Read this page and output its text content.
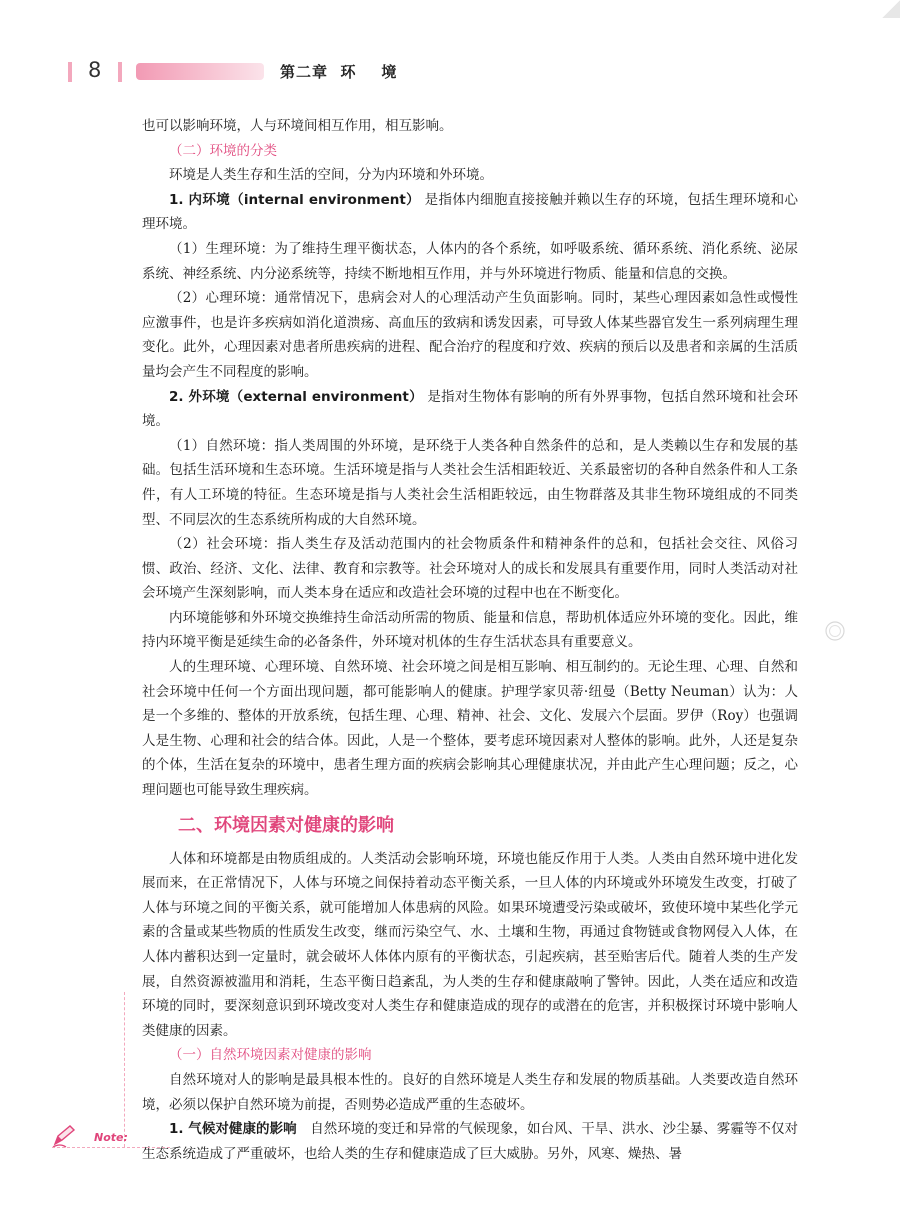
8	第二章  环    境

也可以影响环境，人与环境间相互作用，相互影响。

（二）环境的分类

环境是人类生存和生活的空间，分为内环境和外环境。

1. 内环境（internal environment） 是指体内细胞直接接触并赖以生存的环境，包括生理环境和心理环境。

（1）生理环境：为了维持生理平衡状态，人体内的各个系统，如呼吸系统、循环系统、消化系统、泌尿系统、神经系统、内分泌系统等，持续不断地相互作用，并与外环境进行物质、能量和信息的交换。

（2）心理环境：通常情况下，患病会对人的心理活动产生负面影响。同时，某些心理因素如急性或慢性应激事件，也是许多疾病如消化道溃疡、高血压的致病和诱发因素，可导致人体某些器官发生一系列病理生理变化。此外，心理因素对患者所患疾病的进程、配合治疗的程度和疗效、疾病的预后以及患者和亲属的生活质量均会产生不同程度的影响。

2. 外环境（external environment） 是指对生物体有影响的所有外界事物，包括自然环境和社会环境。

（1）自然环境：指人类周围的外环境，是环绕于人类各种自然条件的总和，是人类赖以生存和发展的基础。包括生活环境和生态环境。生活环境是指与人类社会生活相距较近、关系最密切的各种自然条件和人工条件，有人工环境的特征。生态环境是指与人类社会生活相距较远，由生物群落及其非生物环境组成的不同类型、不同层次的生态系统所构成的大自然环境。

（2）社会环境：指人类生存及活动范围内的社会物质条件和精神条件的总和，包括社会交往、风俗习惯、政治、经济、文化、法律、教育和宗教等。社会环境对人的成长和发展具有重要作用，同时人类活动对社会环境产生深刻影响，而人类本身在适应和改造社会环境的过程中也在不断变化。

内环境能够和外环境交换维持生命活动所需的物质、能量和信息，帮助机体适应外环境的变化。因此，维持内环境平衡是延续生命的必备条件，外环境对机体的生存生活状态具有重要意义。

人的生理环境、心理环境、自然环境、社会环境之间是相互影响、相互制约的。无论生理、心理、自然和社会环境中任何一个方面出现问题，都可能影响人的健康。护理学家贝蒂·纽曼（Betty Neuman）认为：人是一个多维的、整体的开放系统，包括生理、心理、精神、社会、文化、发展六个层面。罗伊（Roy）也强调人是生物、心理和社会的结合体。因此，人是一个整体，要考虑环境因素对人整体的影响。此外，人还是复杂的个体，生活在复杂的环境中，患者生理方面的疾病会影响其心理健康状况，并由此产生心理问题；反之，心理问题也可能导致生理疾病。

二、环境因素对健康的影响

人体和环境都是由物质组成的。人类活动会影响环境，环境也能反作用于人类。人类由自然环境中进化发展而来，在正常情况下，人体与环境之间保持着动态平衡关系，一旦人体的内环境或外环境发生改变，打破了人体与环境之间的平衡关系，就可能增加人体患病的风险。如果环境遭受污染或破坏，致使环境中某些化学元素的含量或某些物质的性质发生改变，继而污染空气、水、土壤和生物，再通过食物链或食物网侵入人体，在人体内蓄积达到一定量时，就会破坏人体体内原有的平衡状态，引起疾病，甚至贻害后代。随着人类的生产发展，自然资源被滥用和消耗，生态平衡日趋紊乱，为人类的生存和健康敲响了警钟。因此，人类在适应和改造环境的同时，要深刻意识到环境改变对人类生存和健康造成的现存的或潜在的危害，并积极探讨环境中影响人类健康的因素。

（一）自然环境因素对健康的影响

自然环境对人的影响是最具根本性的。良好的自然环境是人类生存和发展的物质基础。人类要改造自然环境，必须以保护自然环境为前提，否则势必造成严重的生态破坏。

1. 气候对健康的影响　自然环境的变迁和异常的气候现象，如台风、干旱、洪水、沙尘暴、雾霾等不仅对生态系统造成了严重破坏，也给人类的生存和健康造成了巨大威胁。另外，风寒、燥热、暑

Note:
